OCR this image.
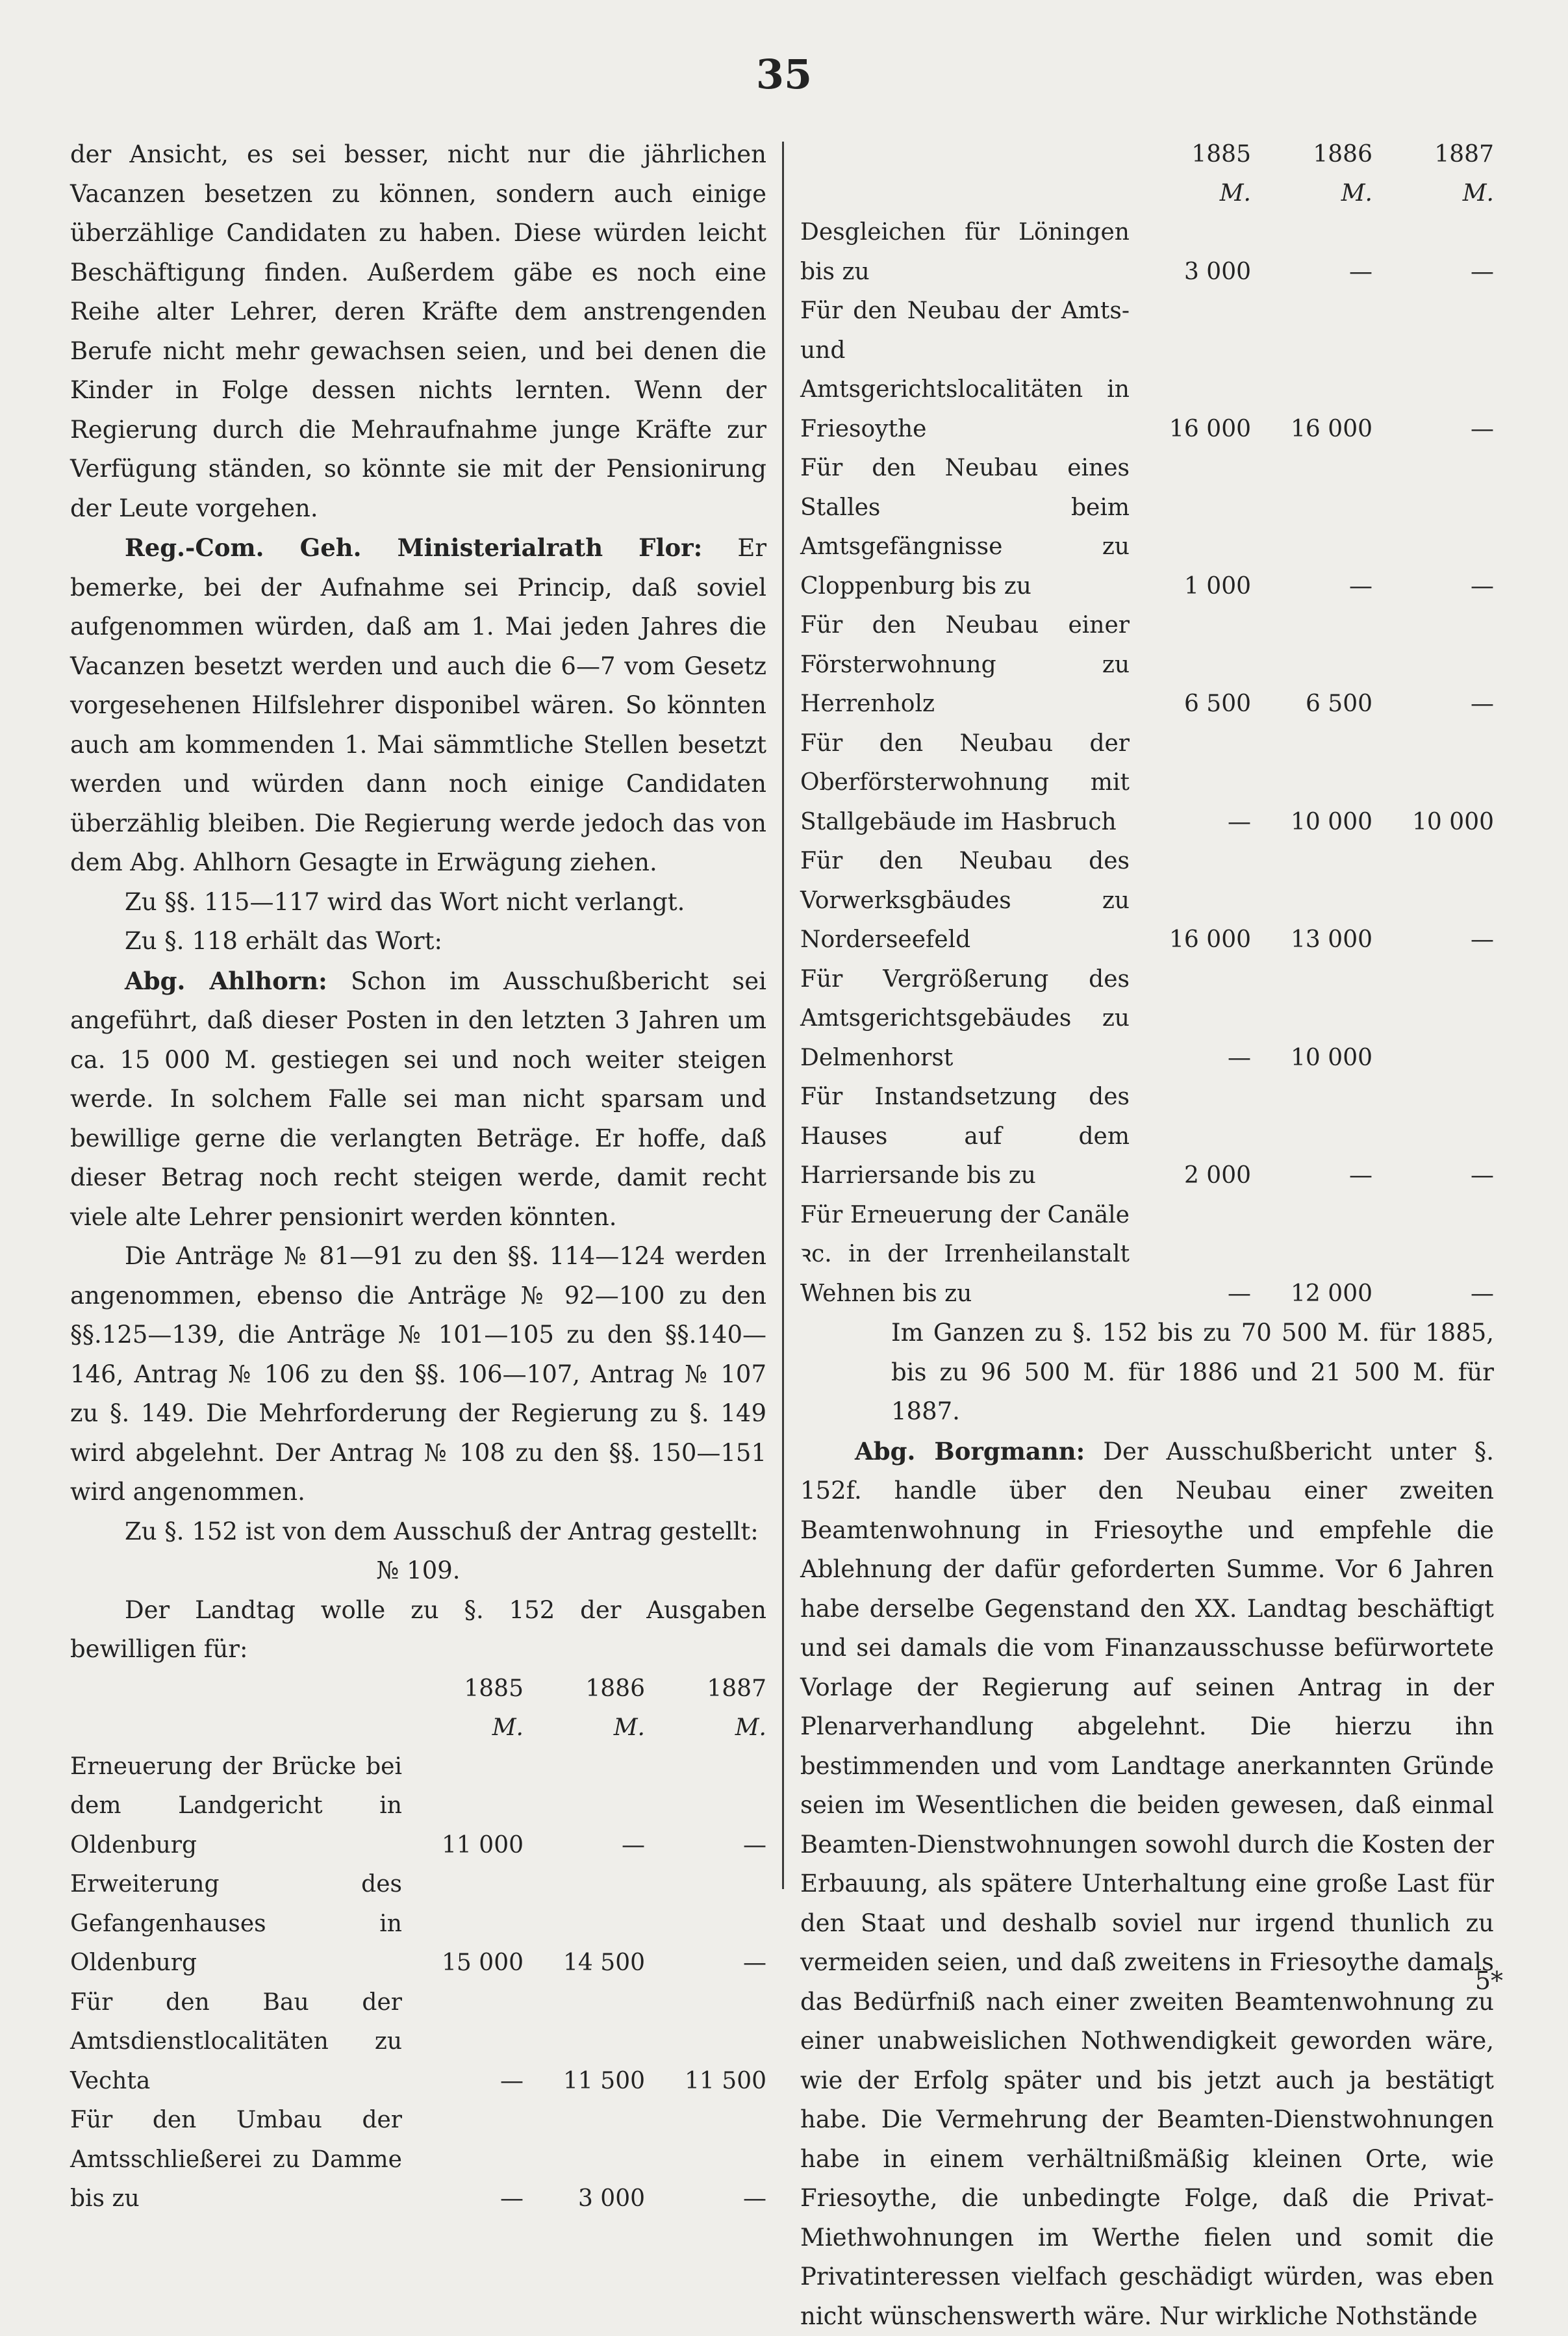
35

der Ansicht, es sei besser, nicht nur die jährlichen Vacanzen besetzen zu können, sondern auch einige überzählige Candidaten zu haben. Diese würden leicht Beschäftigung finden. Außerdem gäbe es noch eine Reihe alter Lehrer, deren Kräfte dem anstrengenden Berufe nicht mehr gewachsen seien, und bei denen die Kinder in Folge dessen nichts lernten. Wenn der Regierung durch die Mehraufnahme junge Kräfte zur Verfügung ständen, so könnte sie mit der Pensionirung der Leute vorgehen.

Reg.-Com. Geh. Ministerialrath Flor: Er bemerke, bei der Aufnahme sei Princip, daß soviel aufgenommen würden, daß am 1. Mai jeden Jahres die Vacanzen besetzt werden und auch die 6—7 vom Gesetz vorgesehenen Hilfslehrer disponibel wären. So könnten auch am kommenden 1. Mai sämmtliche Stellen besetzt werden und würden dann noch einige Candidaten überzählig bleiben. Die Regierung werde jedoch das von dem Abg. Ahlhorn Gesagte in Erwägung ziehen.

Zu §§. 115—117 wird das Wort nicht verlangt.

Zu §. 118 erhält das Wort:

Abg. Ahlhorn: Schon im Ausschußbericht sei angeführt, daß dieser Posten in den letzten 3 Jahren um ca. 15 000 M. gestiegen sei und noch weiter steigen werde. In solchem Falle sei man nicht sparsam und bewillige gerne die verlangten Beträge. Er hoffe, daß dieser Betrag noch recht steigen werde, damit recht viele alte Lehrer pensionirt werden könnten.

Die Anträge № 81—91 zu den §§. 114—124 werden angenommen, ebenso die Anträge № 92—100 zu den §§.125—139, die Anträge № 101—105 zu den §§.140—146, Antrag № 106 zu den §§. 106—107, Antrag № 107 zu §. 149. Die Mehrforderung der Regierung zu §. 149 wird abgelehnt. Der Antrag № 108 zu den §§. 150—151 wird angenommen.

Zu §. 152 ist von dem Ausschuß der Antrag gestellt:

№ 109.

Der Landtag wolle zu §. 152 der Ausgaben bewilligen für:

1885	1886	1887
M.	M.	M.
Erneuerung der Brücke bei dem Landgericht in Oldenburg	11 000	—	—
Erweiterung des Gefangenhauses in Oldenburg	15 000	14 500	—
Für den Bau der Amtsdienstlocalitäten zu Vechta	—	11 500	11 500
Für den Umbau der Amtsschließerei zu Damme bis zu	—	3 000	—
1885	1886	1887
M.	M.	M.
Desgleichen für Löningen bis zu	3 000	—	—
Für den Neubau der Amts- und Amtsgerichtslocalitäten in Friesoythe	16 000	16 000	—
Für den Neubau eines Stalles beim Amtsgefängnisse zu Cloppenburg bis zu	1 000	—	—
Für den Neubau einer Försterwohnung zu Herrenholz	6 500	6 500	—
Für den Neubau der Oberförsterwohnung mit Stallgebäude im Hasbruch	—	10 000	10 000
Für den Neubau des Vorwerksgbäudes zu Norderseefeld	16 000	13 000	—
Für Vergrößerung des Amtsgerichtsgebäudes zu Delmenhorst	—	10 000
Für Instandsetzung des Hauses auf dem Harriersande bis zu	2 000	—	—
Für Erneuerung der Canäle ꝛc. in der Irrenheilanstalt Wehnen bis zu	—	12 000	—

Im Ganzen zu §. 152 bis zu 70 500 M. für 1885, bis zu 96 500 M. für 1886 und 21 500 M. für 1887.

Abg. Borgmann: Der Ausschußbericht unter §. 152f. handle über den Neubau einer zweiten Beamtenwohnung in Friesoythe und empfehle die Ablehnung der dafür geforderten Summe. Vor 6 Jahren habe derselbe Gegenstand den XX. Landtag beschäftigt und sei damals die vom Finanzausschusse befürwortete Vorlage der Regierung auf seinen Antrag in der Plenarverhandlung abgelehnt. Die hierzu ihn bestimmenden und vom Landtage anerkannten Gründe seien im Wesentlichen die beiden gewesen, daß einmal Beamten-Dienstwohnungen sowohl durch die Kosten der Erbauung, als spätere Unterhaltung eine große Last für den Staat und deshalb soviel nur irgend thunlich zu vermeiden seien, und daß zweitens in Friesoythe damals das Bedürfniß nach einer zweiten Beamtenwohnung zu einer unabweislichen Nothwendigkeit geworden wäre, wie der Erfolg später und bis jetzt auch ja bestätigt habe. Die Vermehrung der Beamten-Dienstwohnungen habe in einem verhältnißmäßig kleinen Orte, wie Friesoythe, die unbedingte Folge, daß die Privat-Miethwohnungen im Werthe fielen und somit die Privatinteressen vielfach geschädigt würden, was eben nicht wünschenswerth wäre. Nur wirkliche Nothstände

5*
